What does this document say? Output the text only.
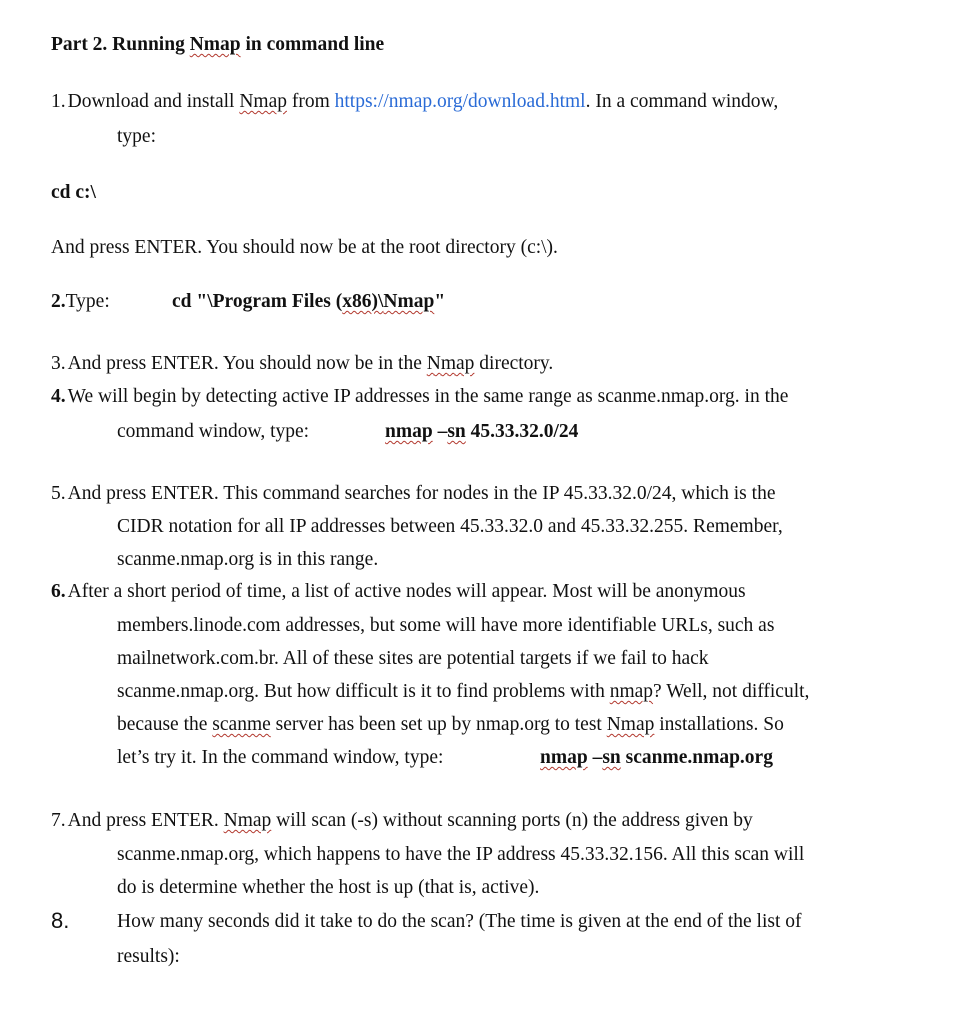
Part 2. Running Nmap in command line
1. Download and install Nmap from https://nmap.org/download.html. In a command window,
type:
cd c:\
And press ENTER. You should now be at the root directory (c:\).
2.Type:	cd "\Program Files (x86)\Nmap"
3. And press ENTER. You should now be in the Nmap directory.
4. We will begin by detecting active IP addresses in the same range as scanme.nmap.org. in the
command window, type:	nmap –sn 45.33.32.0/24
5. And press ENTER. This command searches for nodes in the IP 45.33.32.0/24, which is the
CIDR notation for all IP addresses between 45.33.32.0 and 45.33.32.255. Remember,
scanme.nmap.org is in this range.
6. After a short period of time, a list of active nodes will appear. Most will be anonymous
members.linode.com addresses, but some will have more identifiable URLs, such as
mailnetwork.com.br. All of these sites are potential targets if we fail to hack
scanme.nmap.org. But how difficult is it to find problems with nmap? Well, not difficult,
because the scanme server has been set up by nmap.org to test Nmap installations. So
let’s try it. In the command window, type:	nmap –sn scanme.nmap.org
7. And press ENTER. Nmap will scan (-s) without scanning ports (n) the address given by
scanme.nmap.org, which happens to have the IP address 45.33.32.156. All this scan will
do is determine whether the host is up (that is, active).
8. How many seconds did it take to do the scan? (The time is given at the end of the list of
results):
